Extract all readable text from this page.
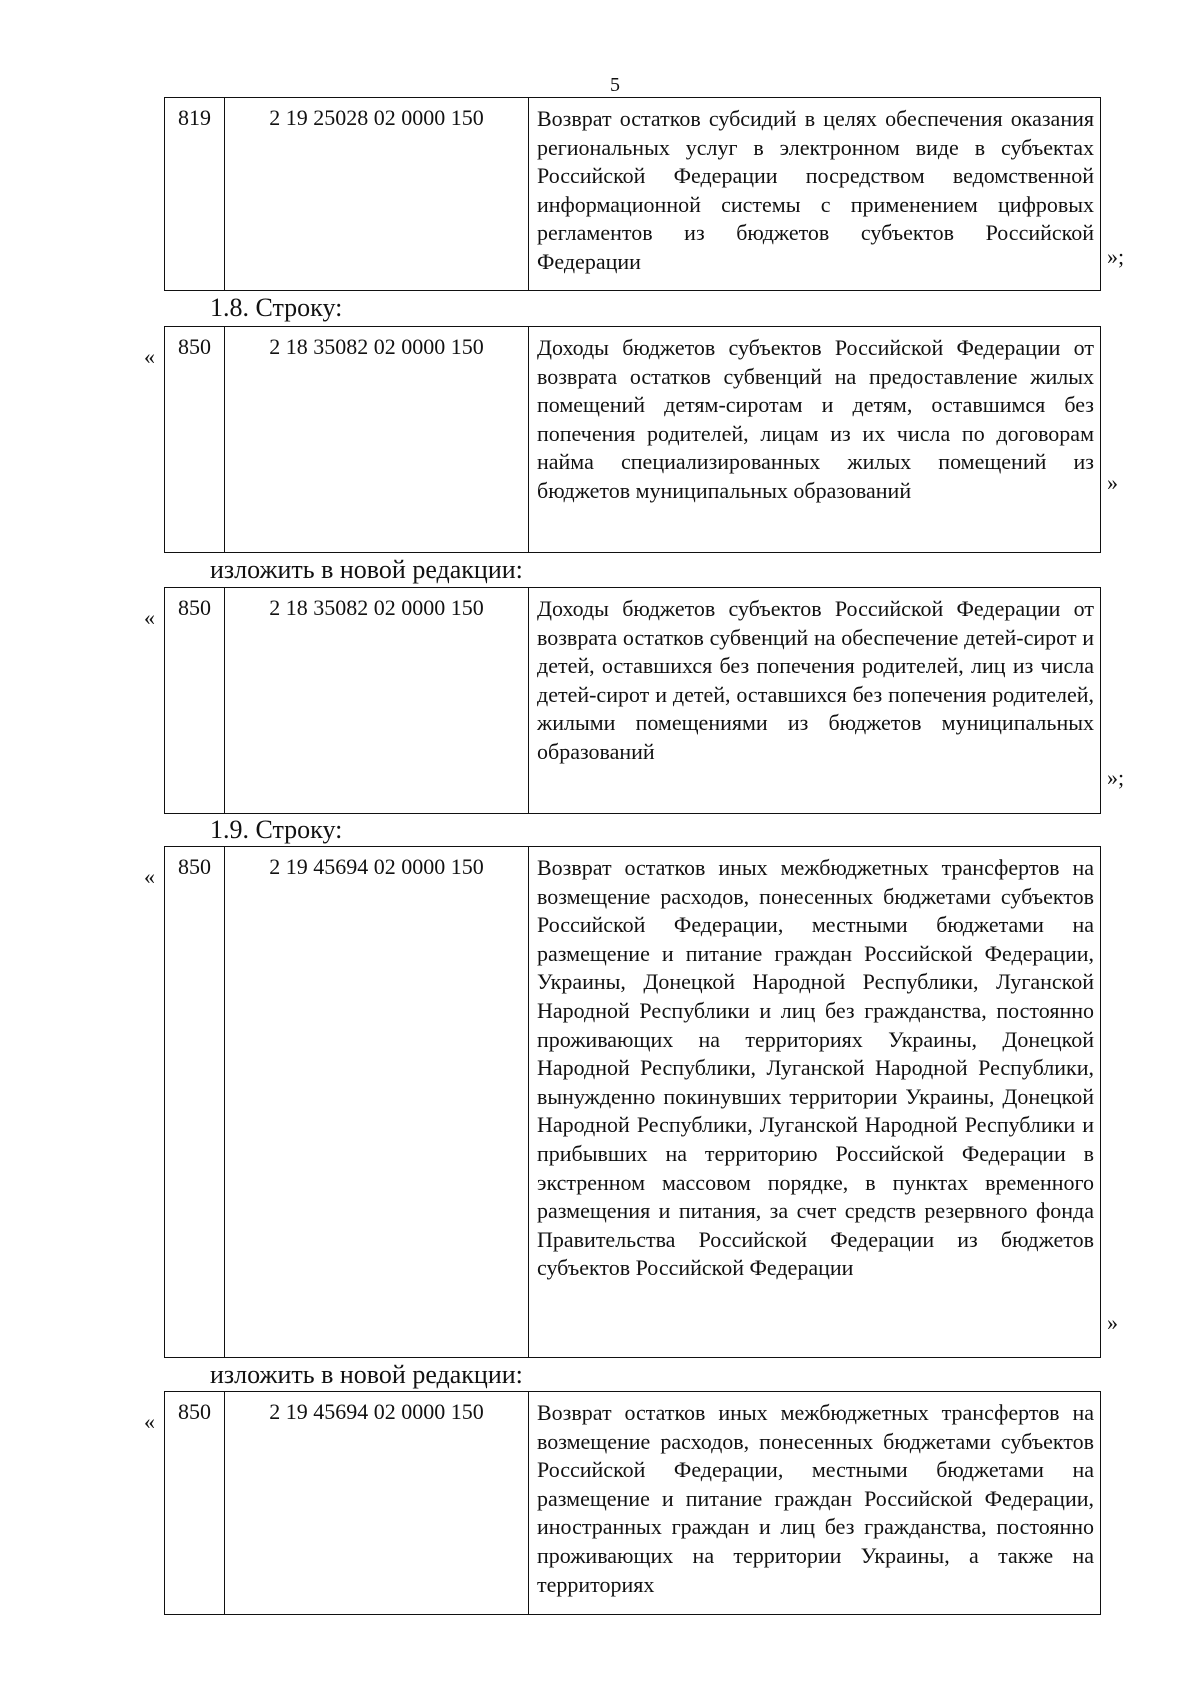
5
819	2 19 25028 02 0000 150	Возврат остатков субсидий в целях обеспечения оказания региональных услуг в электронном виде в субъектах Российской Федерации посредством ведомственной информационной системы с применением цифровых регламентов из бюджетов субъектов Российской Федерации	»;
1.8. Строку:
«	850	2 18 35082 02 0000 150	Доходы бюджетов субъектов Российской Федерации от возврата остатков субвенций на предоставление жилых помещений детям-сиротам и детям, оставшимся без попечения родителей, лицам из их числа по договорам найма специализированных жилых помещений из бюджетов муниципальных образований	»
изложить в новой редакции:
«	850	2 18 35082 02 0000 150	Доходы бюджетов субъектов Российской Федерации от возврата остатков субвенций на обеспечение детей-сирот и детей, оставшихся без попечения родителей, лиц из числа детей-сирот и детей, оставшихся без попечения родителей, жилыми помещениями из бюджетов муниципальных образований
»;
1.9. Строку:
«	850	2 19 45694 02 0000 150	Возврат остатков иных межбюджетных трансфертов на возмещение расходов, понесенных бюджетами субъектов Российской Федерации, местными бюджетами на размещение и питание граждан Российской Федерации, Украины, Донецкой Народной Республики, Луганской Народной Республики и лиц без гражданства, постоянно проживающих на территориях Украины, Донецкой Народной Республики, Луганской Народной Республики, вынужденно покинувших территории Украины, Донецкой Народной Республики, Луганской Народной Республики и прибывших на территорию Российской Федерации в экстренном массовом порядке, в пунктах временного размещения и питания, за счет средств резервного фонда Правительства Российской Федерации из бюджетов субъектов Российской Федерации
»
изложить в новой редакции:
«	850	2 19 45694 02 0000 150	Возврат остатков иных межбюджетных трансфертов на возмещение расходов, понесенных бюджетами субъектов Российской Федерации, местными бюджетами на размещение и питание граждан Российской Федерации, иностранных граждан и лиц без гражданства, постоянно проживающих на территории Украины, а также на территориях
